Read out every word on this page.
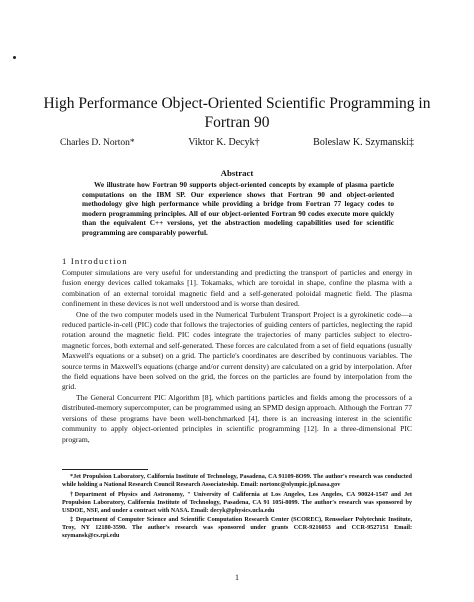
High Performance Object-Oriented Scientific Programming in Fortran 90
Charles D. Norton*	Viktor K. Decyk†	Boleslaw K. Szymanski‡
Abstract

We illustrate how Fortran 90 supports object-oriented concepts by example of plasma particle computations on the IBM SP. Our experience shows that Fortran 90 and object-oriented methodology give high performance while providing a bridge from Fortran 77 legacy codes to modern programming principles. All of our object-oriented Fortran 90 codes execute more quickly than the equivalent C++ versions, yet the abstraction modeling capabilities used for scientific programming are comparably powerful.

1 Introduction

Computer simulations are very useful for understanding and predicting the transport of particles and energy in fusion energy devices called tokamaks [1]. Tokamaks, which are toroidal in shape, confine the plasma with a combination of an external toroidal magnetic field and a self-generated poloidal magnetic field. The plasma confinement in these devices is not well understood and is worse than desired.

One of the two computer models used in the Numerical Turbulent Transport Project is a gyrokinetic code—a reduced particle-in-cell (PIC) code that follows the trajectories of guiding centers of particles, neglecting the rapid rotation around the magnetic field. PIC codes integrate the trajectories of many particles subject to electro-magnetic forces, both external and self-generated. These forces are calculated from a set of field equations (usually Maxwell's equations or a subset) on a grid. The particle's coordinates are described by continuous variables. The source terms in Maxwell's equations (charge and/or current density) are calculated on a grid by interpolation. After the field equations have been solved on the grid, the forces on the particles are found by interpolation from the grid.

The General Concurrent PIC Algorithm [8], which partitions particles and fields among the processors of a distributed-memory supercomputer, can be programmed using an SPMD design approach. Although the Fortran 77 versions of these programs have been well-benchmarked [4], there is an increasing interest in the scientific community to apply object-oriented principles in scientific programming [12]. In a three-dimensional PIC program,

*Jet Propulsion Laboratory, California Institute of Technology, Pasadena, CA 91109-8O99. The author's research was conducted while holding a National Research Council Research Associateship. Email: nortonc@olympic.jpl.nasa.gov

†Department of Physics and Astronomy, " University of California at Los Angeles, Los Angeles, CA 90024-1547 and Jet Propulsion Laboratory, California Institute of Technology, Pasadena, CA 91 105i-8099. The author's research was sponsored by USDOE, NSF, and under a contract with NASA. Email: decyk@physics.ucla.edu

‡ Department of Computer Science and Scientific Computation Research Center (SCOREC), Rensselaer Polytechnic Institute, Troy, NY 12180-3590. The author's research was sponsored under grants CCR-9216053 and CCR-9527151 Email: szymansk@cs.rpi.edu

1
